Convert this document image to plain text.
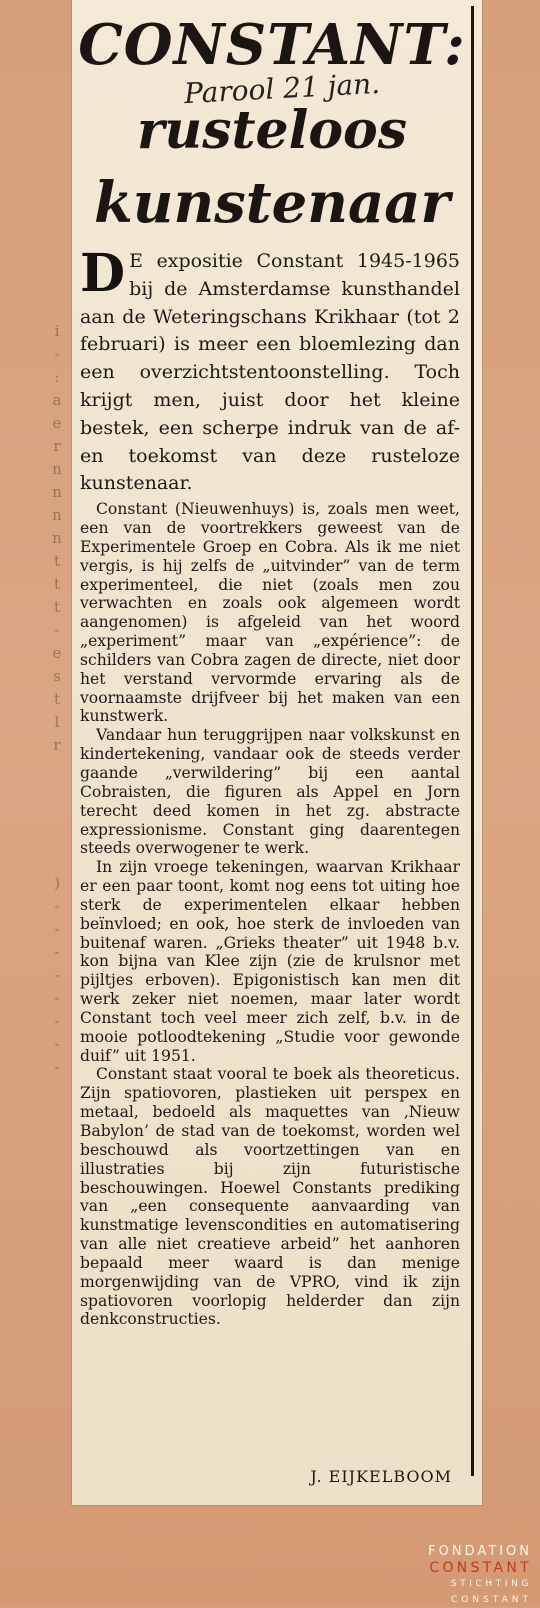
i
-
:
a
e
r
n
n
n
n
t
t
t
-
e
s
t
l
r

)
-
-
-
-
-
-
-
-
CONSTANT:
Parool 21 jan.
rusteloos
kunstenaar

D E expositie Constant 1945-1965 bij de Amsterdamse kunsthandel aan de Weteringschans Krikhaar (tot 2 februari) is meer een bloemlezing dan een overzichtstentoonstelling. Toch krijgt men, juist door het kleine bestek, een scherpe indruk van de af- en toekomst van deze rusteloze kunstenaar.

Constant (Nieuwenhuys) is, zoals men weet, een van de voortrekkers geweest van de Experimentele Groep en Cobra. Als ik me niet vergis, is hij zelfs de „uitvinder” van de term experimenteel, die niet (zoals men zou verwachten en zoals ook algemeen wordt aangenomen) is afgeleid van het woord „experiment” maar van „expérience”: de schilders van Cobra zagen de directe, niet door het verstand vervormde ervaring als de voornaamste drijfveer bij het maken van een kunstwerk.

Vandaar hun teruggrijpen naar volkskunst en kindertekening, vandaar ook de steeds verder gaande „verwildering” bij een aantal Cobraisten, die figuren als Appel en Jorn terecht deed komen in het zg. abstracte expressionisme. Constant ging daarentegen steeds overwogener te werk.

In zijn vroege tekeningen, waarvan Krikhaar er een paar toont, komt nog eens tot uiting hoe sterk de experimentelen elkaar hebben beïnvloed; en ook, hoe sterk de invloeden van buitenaf waren. „Grieks theater” uit 1948 b.v. kon bijna van Klee zijn (zie de krulsnor met pijltjes erboven). Epigonistisch kan men dit werk zeker niet noemen, maar later wordt Constant toch veel meer zich zelf, b.v. in de mooie potloodtekening „Studie voor gewonde duif” uit 1951.

Constant staat vooral te boek als theoreticus. Zijn spatiovoren, plastieken uit perspex en metaal, bedoeld als maquettes van ‚Nieuw Babylon’ de stad van de toekomst, worden wel beschouwd als voortzettingen van en illustraties bij zijn futuristische beschouwingen. Hoewel Constants prediking van „een consequente aanvaarding van kunstmatige levenscondities en automatisering van alle niet creatieve arbeid” het aanhoren bepaald meer waard is dan menige morgenwijding van de VPRO, vind ik zijn spatiovoren voorlopig helderder dan zijn denkconstructies.

J. EIJKELBOOM
FONDATION
CONSTANT
STICHTING
CONSTANT
